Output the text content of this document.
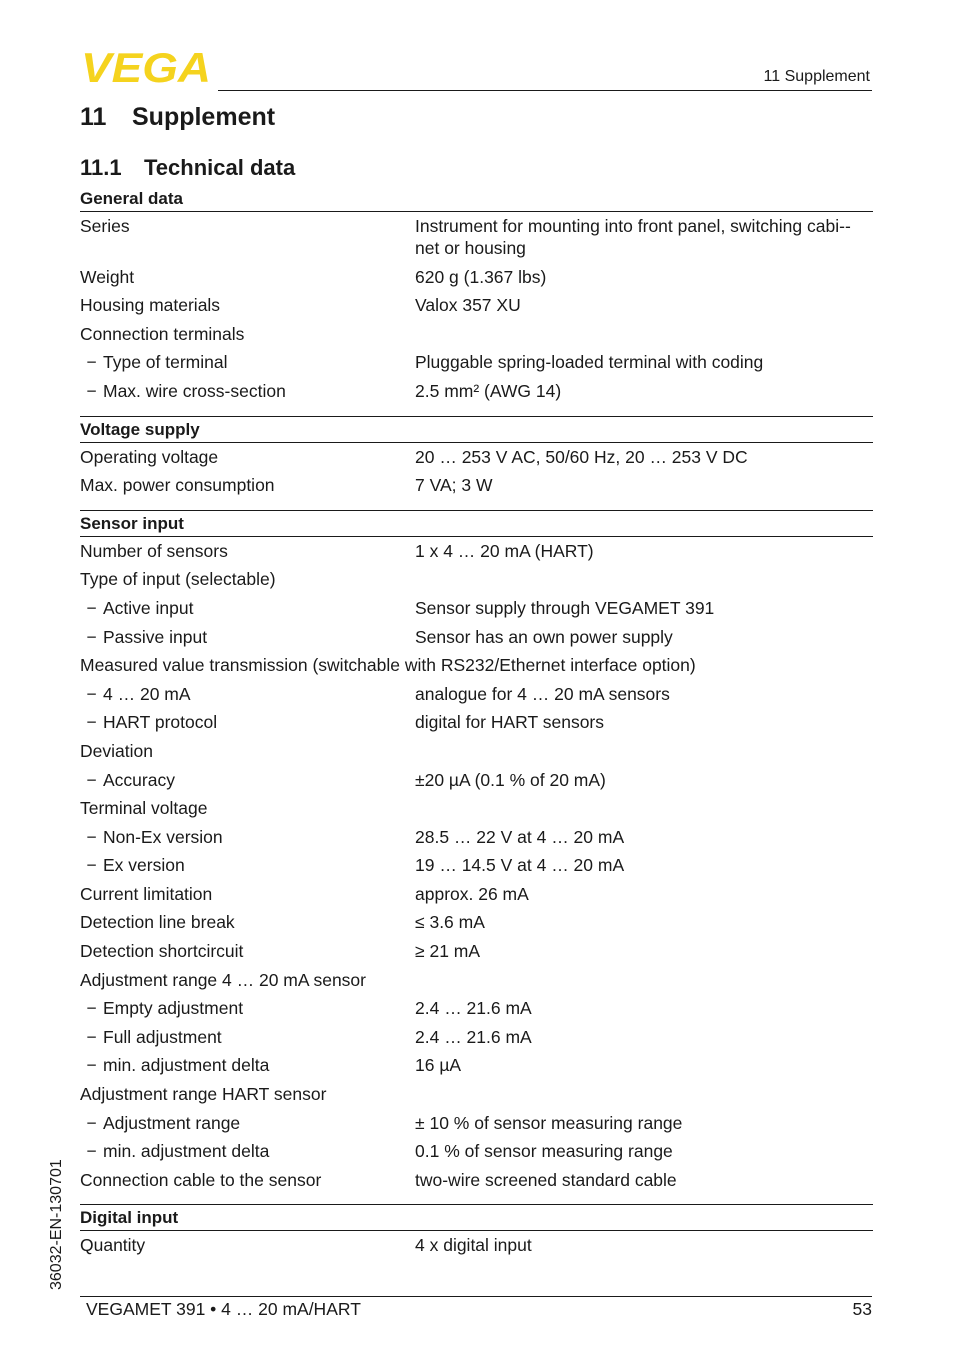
VEGA	11 Supplement
11 Supplement
11.1 Technical data
General data
Series	Instrument for mounting into front panel, switching cabi-net or housing
Weight	620 g (1.367 lbs)
Housing materials	Valox 357 XU
Connection terminals
− Type of terminal	Pluggable spring-loaded terminal with coding
− Max. wire cross-section	2.5 mm² (AWG 14)
Voltage supply
Operating voltage	20 … 253 V AC, 50/60 Hz, 20 … 253 V DC
Max. power consumption	7 VA; 3 W
Sensor input
Number of sensors	1 x 4 … 20 mA (HART)
Type of input (selectable)
− Active input	Sensor supply through VEGAMET 391
− Passive input	Sensor has an own power supply
Measured value transmission (switchable with RS232/Ethernet interface option)
− 4 … 20 mA	analogue for 4 … 20 mA sensors
− HART protocol	digital for HART sensors
Deviation
− Accuracy	±20 µA (0.1 % of 20 mA)
Terminal voltage
− Non-Ex version	28.5 … 22 V at 4 … 20 mA
− Ex version	19 … 14.5 V at 4 … 20 mA
Current limitation	approx. 26 mA
Detection line break	≤ 3.6 mA
Detection shortcircuit	≥ 21 mA
Adjustment range 4 … 20 mA sensor
− Empty adjustment	2.4 … 21.6 mA
− Full adjustment	2.4 … 21.6 mA
− min. adjustment delta	16 µA
Adjustment range HART sensor
− Adjustment range	± 10 % of sensor measuring range
− min. adjustment delta	0.1 % of sensor measuring range
Connection cable to the sensor	two-wire screened standard cable
Digital input
Quantity	4 x digital input
36032-EN-130701
VEGAMET 391 • 4 … 20 mA/HART	53
